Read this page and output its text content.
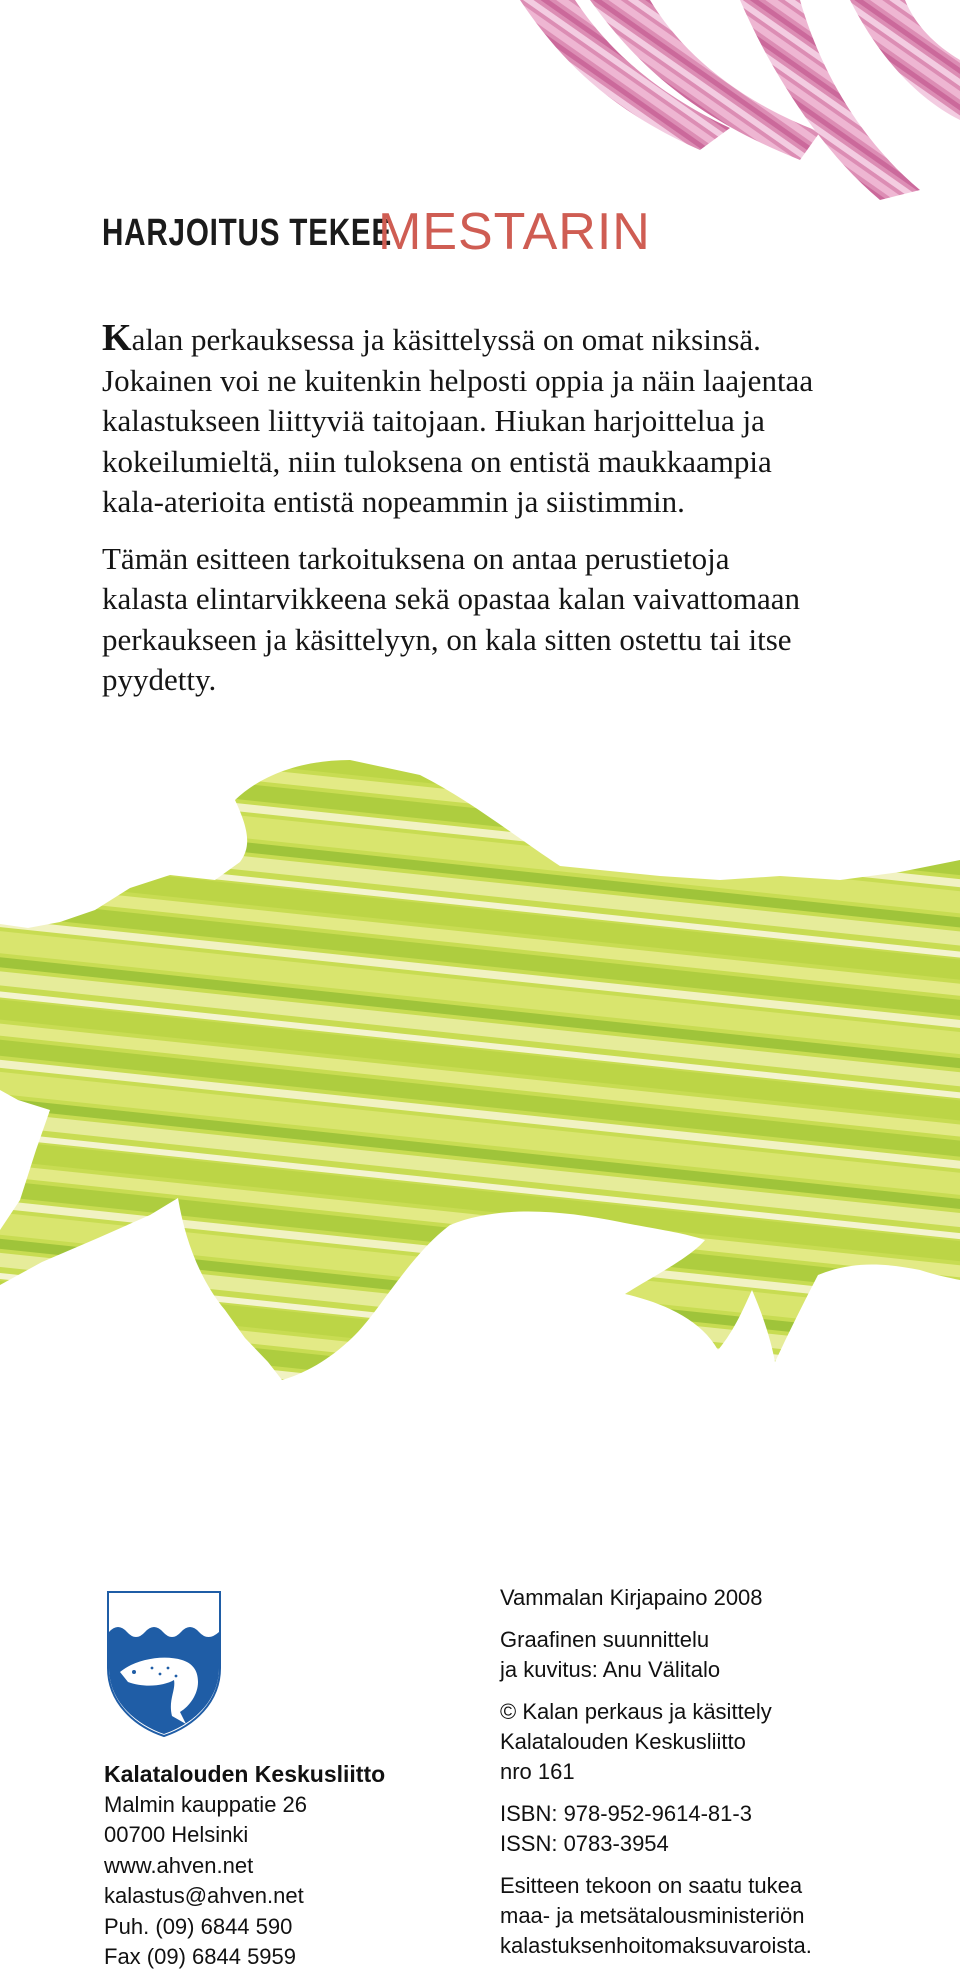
HARJOITUS TEKEE
MESTARIN

Kalan perkauksessa ja käsittelyssä on omat niksinsä. Jokainen voi ne kuitenkin helposti oppia ja näin laajentaa kalastukseen liittyviä taitojaan. Hiukan harjoittelua ja kokeilumieltä, niin tuloksena on entistä maukkaampia kala-aterioita entistä nopeammin ja siistimmin.

Tämän esitteen tarkoituksena on antaa perustietoja kalasta elintarvikkeena sekä opastaa kalan vaivattomaan perkaukseen ja käsittelyyn, on kala sitten ostettu tai itse pyydetty.

Kalatalouden Keskusliitto
Malmin kauppatie 26
00700 Helsinki
www.ahven.net
kalastus@ahven.net
Puh. (09) 6844 590
Fax (09) 6844 5959
Vammalan Kirjapaino 2008
Graafinen suunnittelu
ja kuvitus: Anu Välitalo
© Kalan perkaus ja käsittely
Kalatalouden Keskusliitto
nro 161
ISBN: 978-952-9614-81-3
ISSN: 0783-3954
Esitteen tekoon on saatu tukea
maa- ja metsätalousministeriön
kalastuksenhoitomaksuvaroista.
